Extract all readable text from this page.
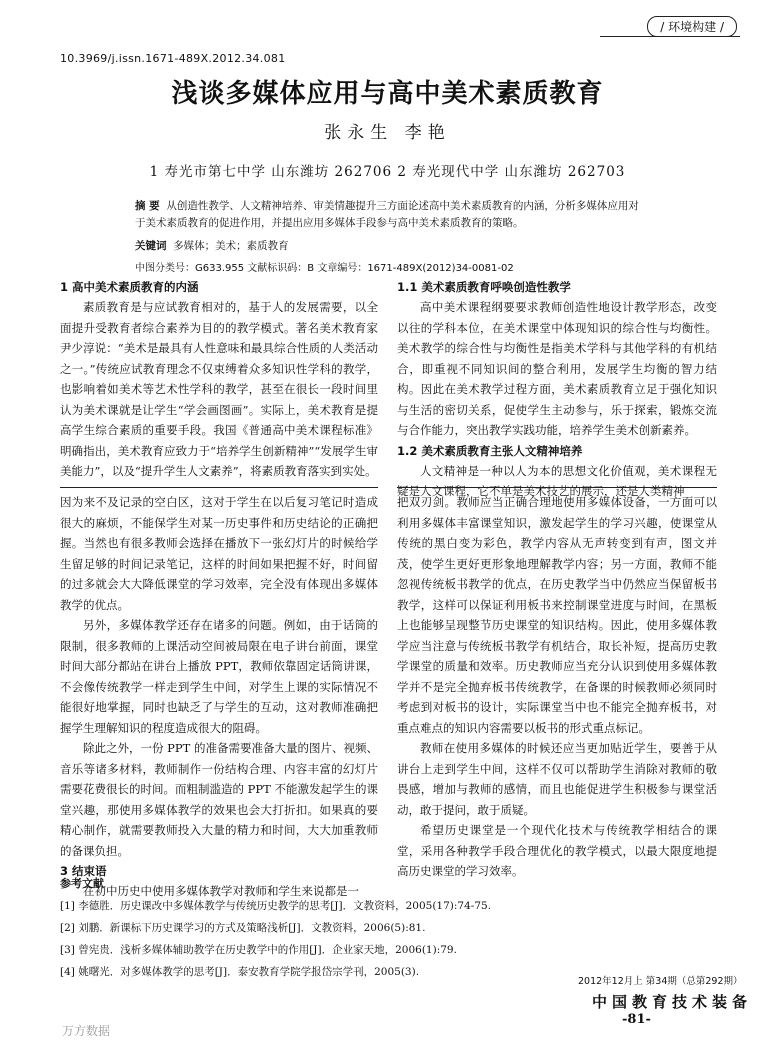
/ 环境构建 /
10.3969/j.issn.1671-489X.2012.34.081
浅谈多媒体应用与高中美术素质教育
张永生 李艳
1 寿光市第七中学 山东潍坊 262706 2 寿光现代中学 山东潍坊 262703
摘 要 从创造性教学、人文精神培养、审美情趣提升三方面论述高中美术素质教育的内涵，分析多媒体应用对于美术素质教育的促进作用，并提出应用多媒体手段参与高中美术素质教育的策略。
关键词 多媒体；美术；素质教育
中图分类号：G633.955 文献标识码：B 文章编号：1671-489X(2012)34-0081-02

1 高中美术素质教育的内涵

素质教育是与应试教育相对的，基于人的发展需要，以全面提升受教育者综合素养为目的的教学模式。著名美术教育家尹少淳说：“美术是最具有人性意味和最具综合性质的人类活动之一。”传统应试教育理念不仅束缚着众多知识性学科的教学，也影响着如美术等艺术性学科的教学，甚至在很长一段时间里认为美术课就是让学生“学会画图画”。实际上，美术教育是提高学生综合素质的重要手段。我国《普通高中美术课程标准》明确指出，美术教育应致力于“培养学生创新精神”“发展学生审美能力”，以及“提升学生人文素养”，将素质教育落实到实处。

1.1 美术素质教育呼唤创造性教学

高中美术课程纲要要求教师创造性地设计教学形态，改变以往的学科本位，在美术课堂中体现知识的综合性与均衡性。美术教学的综合性与均衡性是指美术学科与其他学科的有机结合，即重视不同知识间的整合利用，发展学生均衡的智力结构。因此在美术教学过程方面，美术素质教育立足于强化知识与生活的密切关系，促使学生主动参与，乐于探索，锻炼交流与合作能力，突出教学实践功能，培养学生美术创新素养。

1.2 美术素质教育主张人文精神培养

人文精神是一种以人为本的思想文化价值观，美术课程无疑是人文课程，它不单是美术技艺的展示，还是人类精神

因为来不及记录的空白区，这对于学生在以后复习笔记时造成很大的麻烦，不能保学生对某一历史事件和历史结论的正确把握。当然也有很多教师会选择在播放下一张幻灯片的时候给学生留足够的时间记录笔记，这样的时间如果把握不好，时间留的过多就会大大降低课堂的学习效率，完全没有体现出多媒体教学的优点。

另外，多媒体教学还存在诸多的问题。例如，由于话筒的限制，很多教师的上课活动空间被局限在电子讲台前面，课堂时间大部分都站在讲台上播放 PPT，教师依靠固定话筒讲课，不会像传统教学一样走到学生中间，对学生上课的实际情况不能很好地掌握，同时也缺乏了与学生的互动，这对教师准确把握学生理解知识的程度造成很大的阻碍。

除此之外，一份 PPT 的准备需要准备大量的图片、视频、音乐等诸多材料，教师制作一份结构合理、内容丰富的幻灯片需要花费很长的时间。而粗制滥造的 PPT 不能激发起学生的课堂兴趣，那使用多媒体教学的效果也会大打折扣。如果真的要精心制作，就需要教师投入大量的精力和时间，大大加重教师的备课负担。

3 结束语

在初中历史中使用多媒体教学对教师和学生来说都是一

把双刃剑。教师应当正确合理地使用多媒体设备，一方面可以利用多媒体丰富课堂知识，激发起学生的学习兴趣，使课堂从传统的黑白变为彩色，教学内容从无声转变到有声，图文并茂，使学生更好更形象地理解教学内容；另一方面，教师不能忽视传统板书教学的优点，在历史教学当中仍然应当保留板书教学，这样可以保证利用板书来控制课堂进度与时间，在黑板上也能够呈现整节历史课堂的知识结构。因此，使用多媒体教学应当注意与传统板书教学有机结合，取长补短，提高历史教学课堂的质量和效率。历史教师应当充分认识到使用多媒体教学并不是完全抛弃板书传统教学，在备课的时候教师必须同时考虑到对板书的设计，实际课堂当中也不能完全抛弃板书，对重点难点的知识内容需要以板书的形式重点标记。

教师在使用多媒体的时候还应当更加贴近学生，要善于从讲台上走到学生中间，这样不仅可以帮助学生消除对教师的敬畏感，增加与教师的感情，而且也能促进学生积极参与课堂活动，敢于提问，敢于质疑。

希望历史课堂是一个现代化技术与传统教学相结合的课堂，采用各种教学手段合理优化的教学模式，以最大限度地提高历史课堂的学习效率。

参考文献
[1] 李德胜．历史课改中多媒体教学与传统历史教学的思考[J]．文教资料，2005(17):74-75.
[2] 刘鹏．新课标下历史课学习的方式及策略浅析[J]．文教资料，2006(5):81.
[3] 曾宪贵．浅析多媒体辅助教学在历史教学中的作用[J]．企业家天地，2006(1):79.
[4] 姚曙光．对多媒体教学的思考[J]．泰安教育学院学报岱宗学刊，2005(3).
2012年12月上 第34期（总第292期）
中国教育技术装备
-81-
万方数据
